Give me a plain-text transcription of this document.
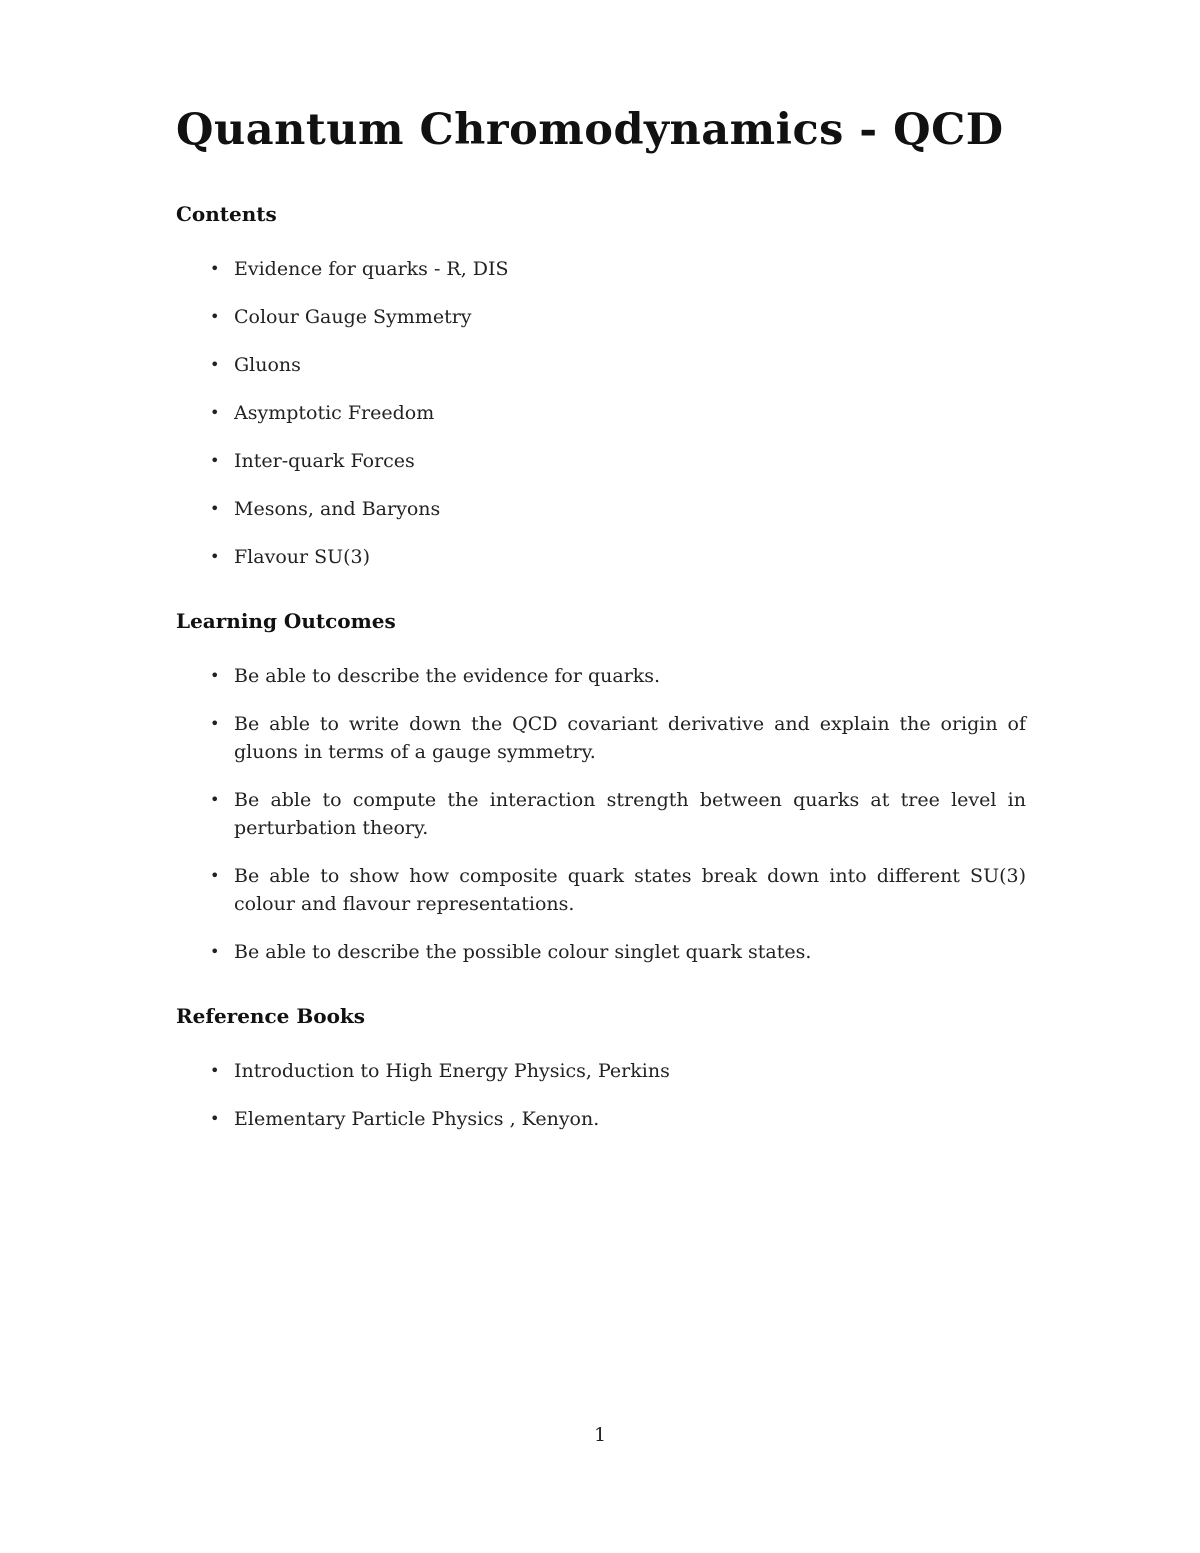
Quantum Chromodynamics - QCD
Contents
• Evidence for quarks - R, DIS
• Colour Gauge Symmetry
• Gluons
• Asymptotic Freedom
• Inter-quark Forces
• Mesons, and Baryons
• Flavour SU(3)
Learning Outcomes
• Be able to describe the evidence for quarks.
• Be able to write down the QCD covariant derivative and explain the origin of gluons in terms of a gauge symmetry.
• Be able to compute the interaction strength between quarks at tree level in perturbation theory.
• Be able to show how composite quark states break down into different SU(3) colour and flavour representations.
• Be able to describe the possible colour singlet quark states.
Reference Books
• Introduction to High Energy Physics, Perkins
• Elementary Particle Physics , Kenyon.
1
